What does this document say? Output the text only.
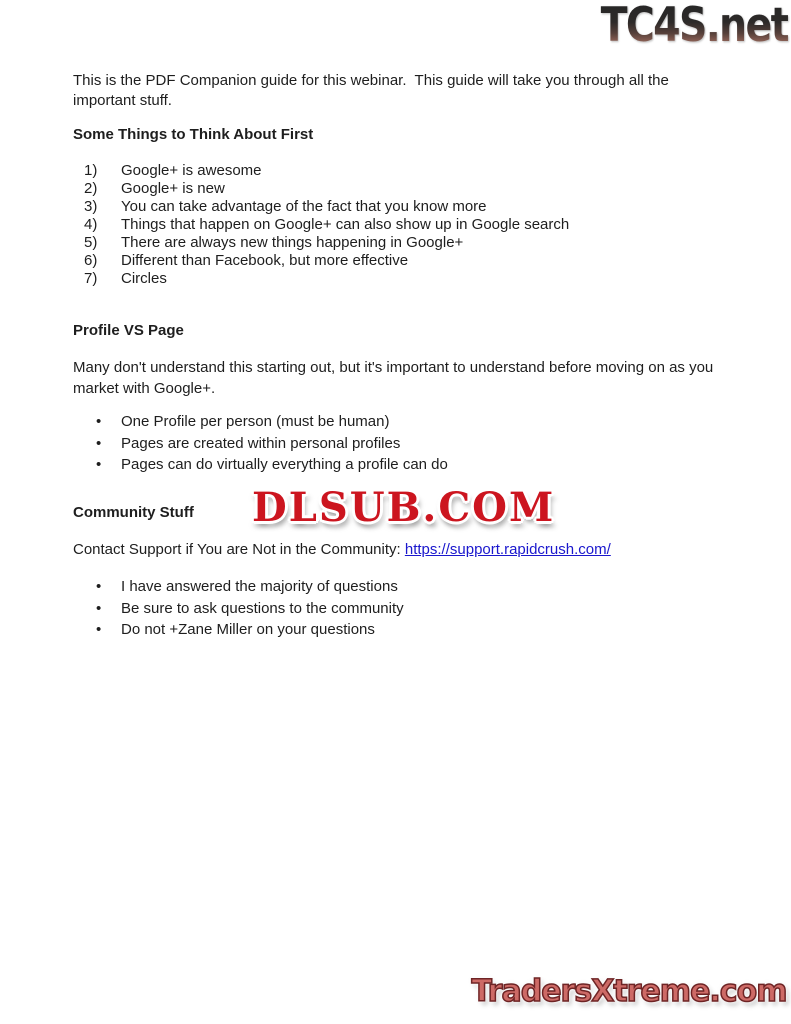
TC4S.net

This is the PDF Companion guide for this webinar.  This guide will take you through all the important stuff.

Some Things to Think About First
1)	Google+ is awesome
2)	Google+ is new
3)	You can take advantage of the fact that you know more
4)	Things that happen on Google+ can also show up in Google search
5)	There are always new things happening in Google+
6)	Different than Facebook, but more effective
7)	Circles
Profile VS Page

Many don't understand this starting out, but it's important to understand before moving on as you market with Google+.

•	One Profile per person (must be human)
•	Pages are created within personal profiles
•	Pages can do virtually everything a profile can do
Community Stuff	DLSUB.COM

Contact Support if You are Not in the Community: https://support.rapidcrush.com/

•	I have answered the majority of questions
•	Be sure to ask questions to the community
•	Do not +Zane Miller on your questions
TradersXtreme.com
